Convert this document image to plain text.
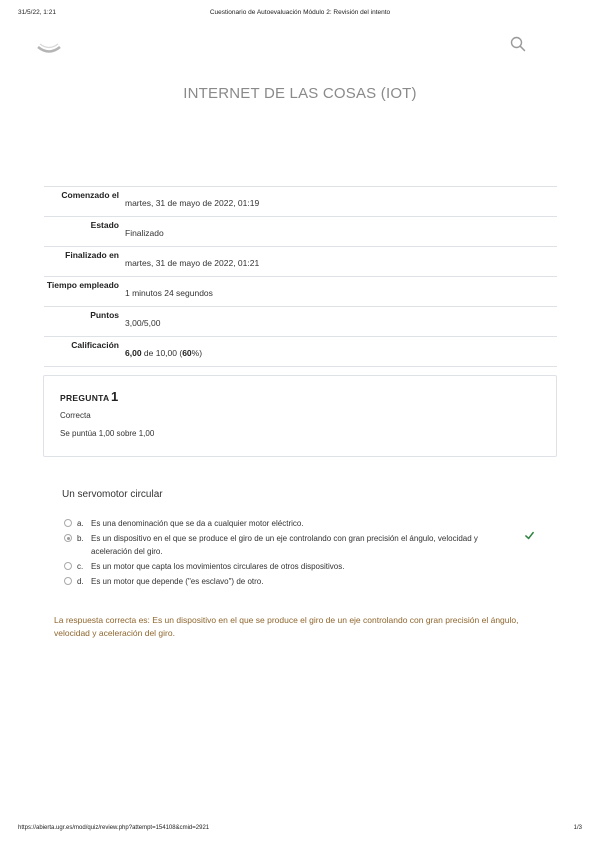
31/5/22, 1:21	Cuestionario de Autoevaluación Módulo 2: Revisión del intento
INTERNET DE LAS COSAS (IOT)
Comenzado el
martes, 31 de mayo de 2022, 01:19
Estado
Finalizado
Finalizado en
martes, 31 de mayo de 2022, 01:21
Tiempo empleado
1 minutos 24 segundos
Puntos
3,00/5,00
Calificación
6,00 de 10,00 (60%)
PREGUNTA 1
Correcta
Se puntúa 1,00 sobre 1,00
Un servomotor circular
a. Es una denominación que se da a cualquier motor eléctrico.
b. Es un dispositivo en el que se produce el giro de un eje controlando con gran precisión el ángulo, velocidad y aceleración del giro.
c. Es un motor que capta los movimientos circulares de otros dispositivos.
d. Es un motor que depende ("es esclavo") de otro.
La respuesta correcta es: Es un dispositivo en el que se produce el giro de un eje controlando con gran precisión el ángulo, velocidad y aceleración del giro.
https://abierta.ugr.es/mod/quiz/review.php?attempt=154108&cmid=2921	1/3
